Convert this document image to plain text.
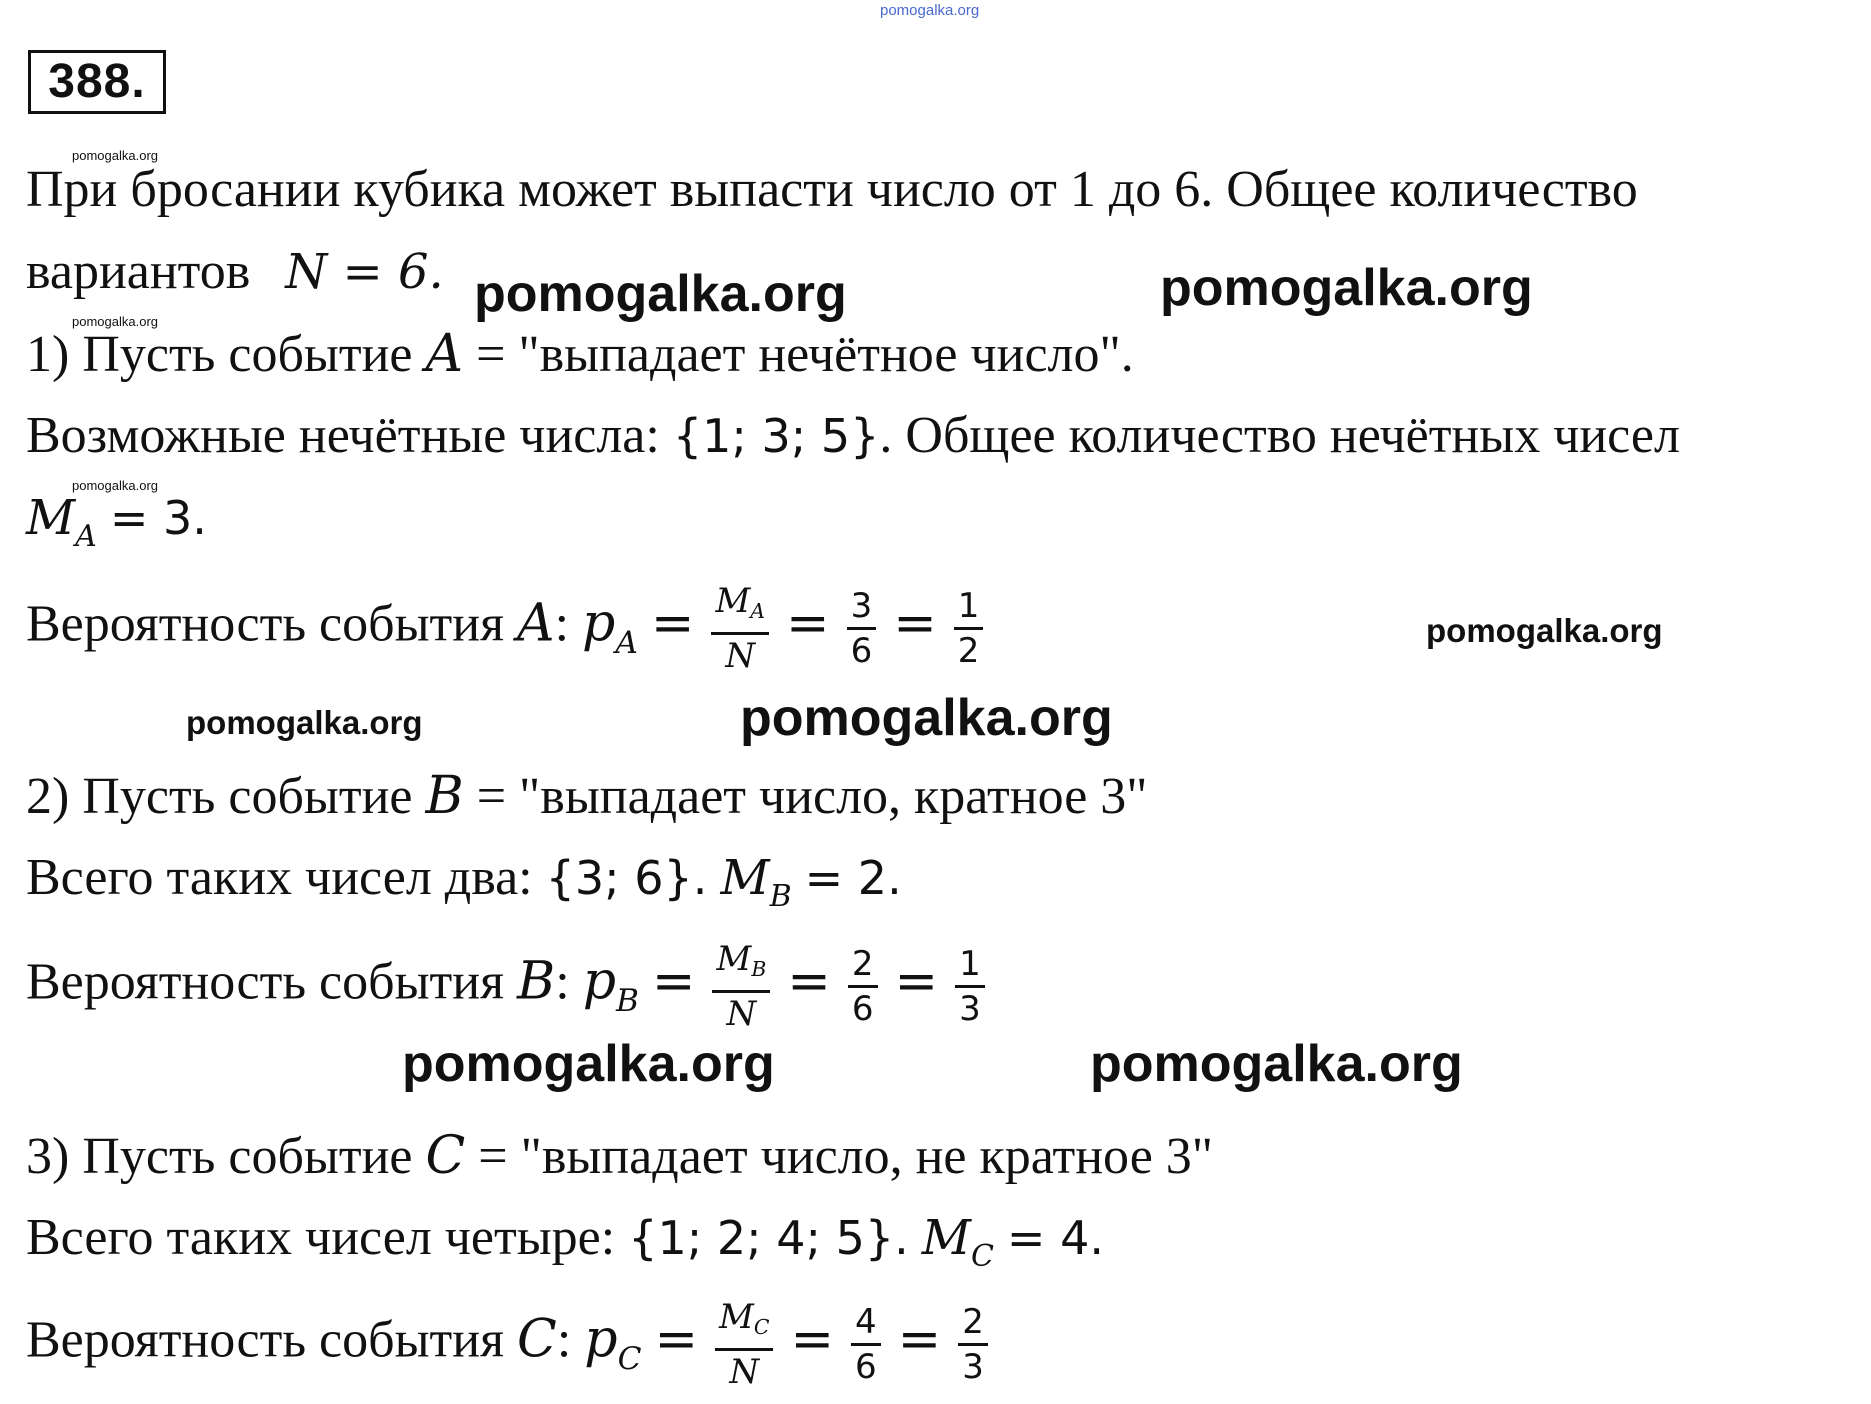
pomogalka.org
388.
pomogalka.org
pomogalka.org
pomogalka.org
При бросании кубика может выпасти число от 1 до 6. Общее количество
вариантов N = 6. pomogalka.org	pomogalka.org
1) Пусть событие A = "выпадает нечётное число".
Возможные нечётные числа: {1; 3; 5}. Общее количество нечётных чисел
$M_A = 3$.
Вероятность события A: $p_A = \frac{M_A}{N} = \frac{3}{6} = \frac{1}{2}$	pomogalka.org
pomogalka.org	pomogalka.org
2) Пусть событие B = "выпадает число, кратное 3"
Всего таких чисел два: {3; 6}. $M_B = 2$.
Вероятность события B: $p_B = \frac{M_B}{N} = \frac{2}{6} = \frac{1}{3}$
pomogalka.org	pomogalka.org
3) Пусть событие C = "выпадает число, не кратное 3"
Всего таких чисел четыре: {1; 2; 4; 5}. $M_C = 4$.
Вероятность события C: $p_C = \frac{M_C}{N} = \frac{4}{6} = \frac{2}{3}$
